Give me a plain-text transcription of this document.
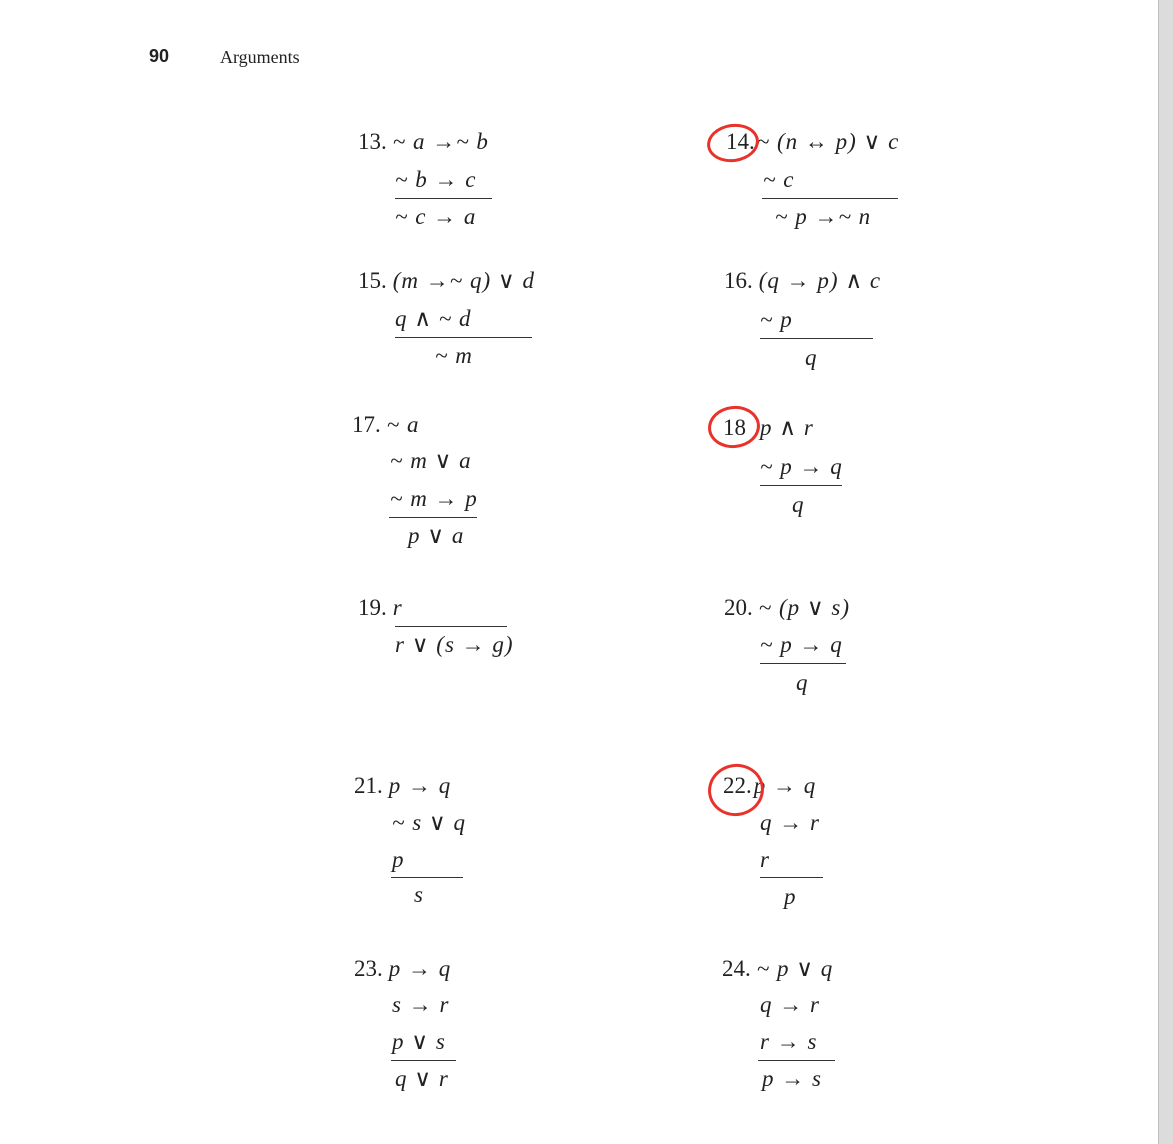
90	Arguments
13. ~ a →~ b
~ b → c
~ c → a
14.~ (n ↔ p) ∨ c
~ c
~ p →~ n
15. (m →~ q) ∨ d
q ∧ ~ d
~ m
16. (q → p) ∧ c
~ p
q
17. ~ a
~ m ∨ a
~ m → p
p ∨ a
18 p ∧ r
~ p → q
q
19. r
r ∨ (s → g)
20. ~ (p ∨ s)
~ p → q
q
21. p → q
~ s ∨ q
p
s
22.p → q
q → r
r
p
23. p → q
s → r
p ∨ s
q ∨ r
24. ~ p ∨ q
q → r
r → s
p → s
